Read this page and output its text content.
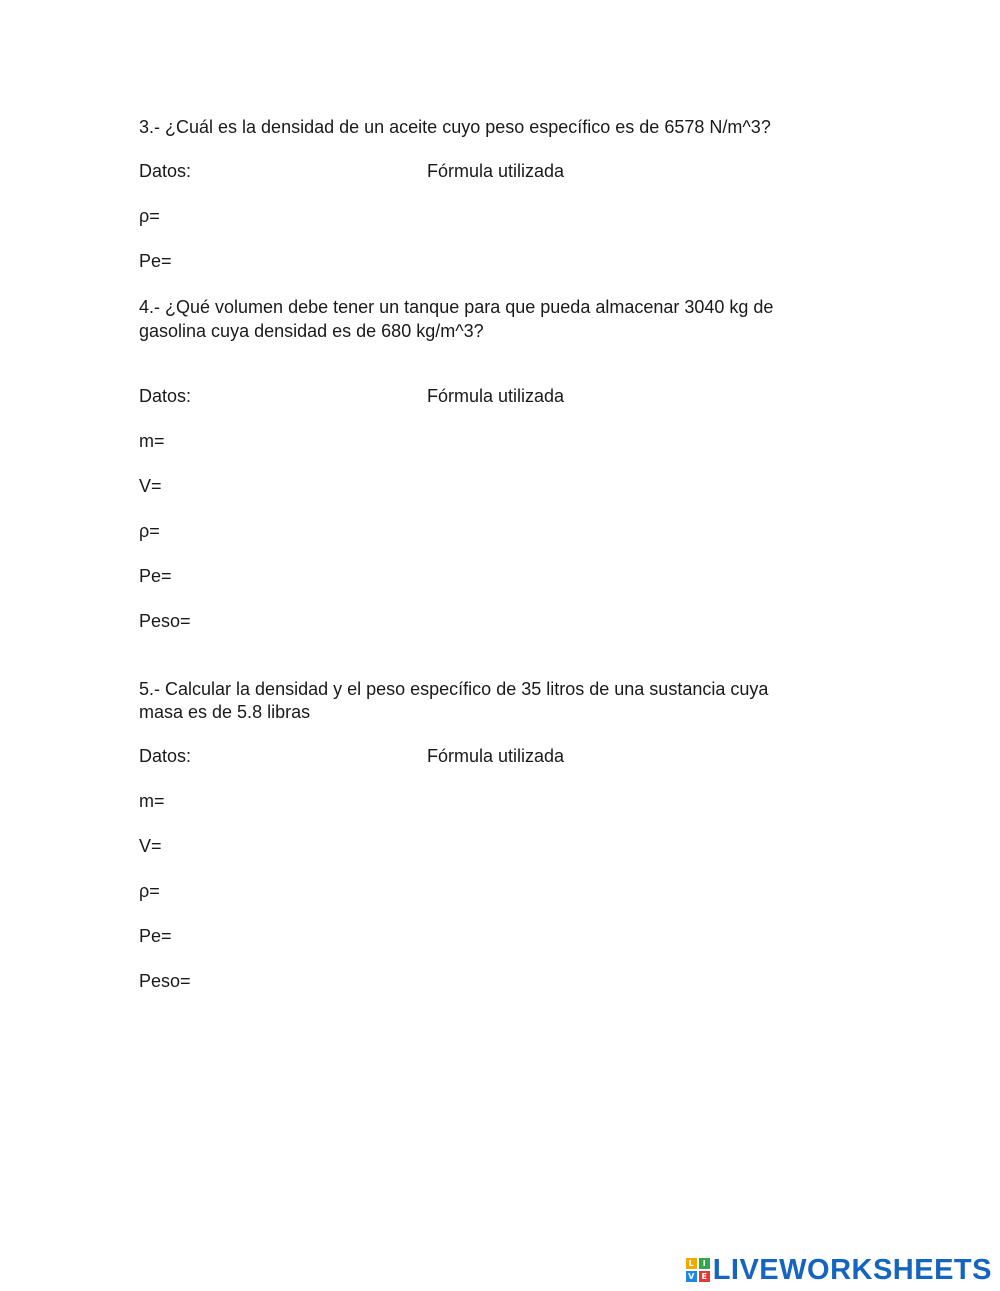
3.- ¿Cuál es la densidad de un aceite cuyo peso específico es de 6578 N/m^3?
Datos:	Fórmula utilizada
ρ=
Pe=
4.- ¿Qué volumen debe tener un tanque para que pueda almacenar 3040 kg de
gasolina cuya densidad es de 680 kg/m^3?
Datos:	Fórmula utilizada
m=
V=
ρ=
Pe=
Peso=
5.- Calcular la densidad y el peso específico de 35 litros de una sustancia cuya
masa es de 5.8 libras
Datos:	Fórmula utilizada
m=
V=
ρ=
Pe=
Peso=
L	I
V E LIVEWORKSHEETS
